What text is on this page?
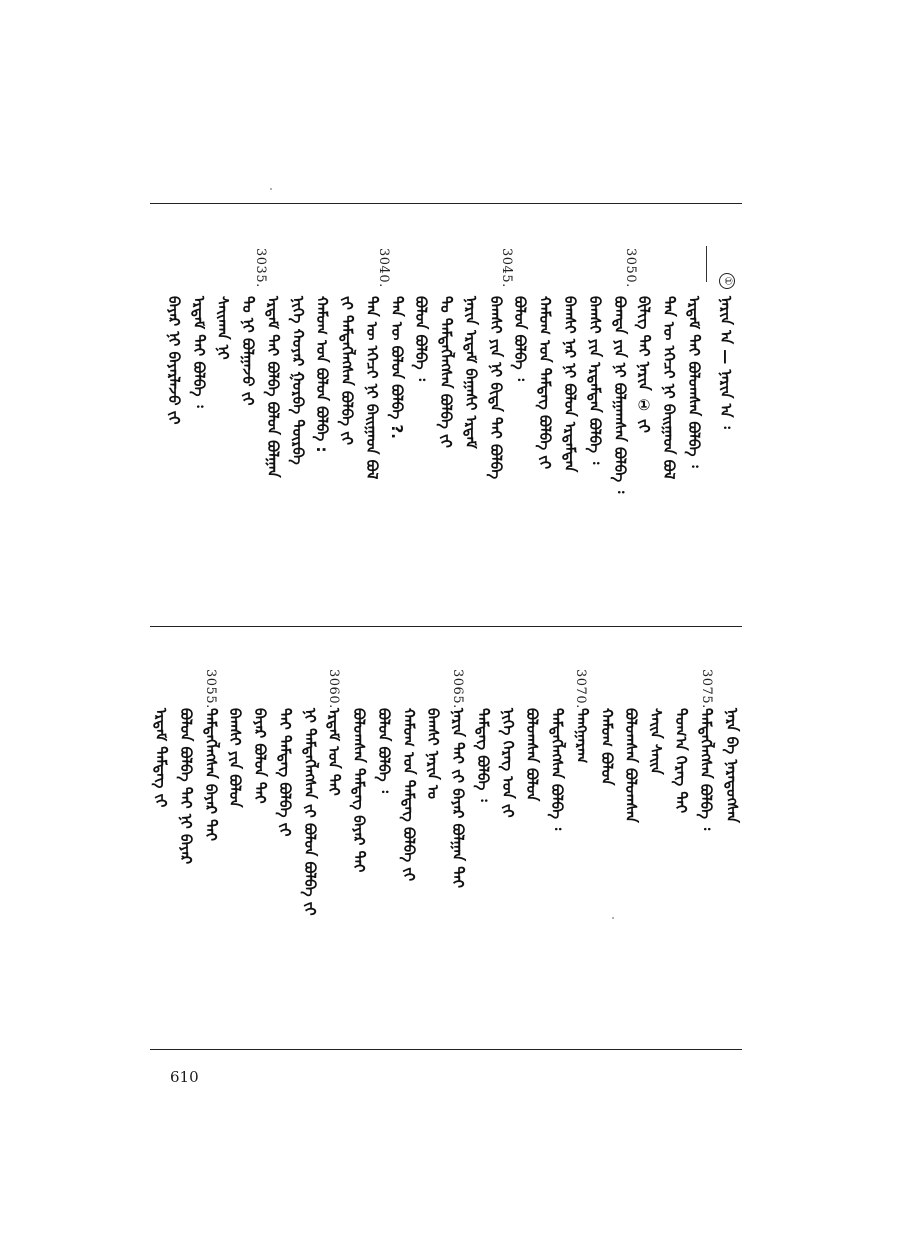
①
ᠨᠠᠷᠢᠨ ᠎ᠠ — ᠨᠠᠷᠢᠨ ᠎ᠠ ᠄
3050.
3045.
3040.
3035.
ᠡᠷᠳᠡᠮ ᠲᠡᠢ ᠪᠣᠯᠤᠭᠰᠠᠨ ᠪᠣᠯᠪᠠ ᠄
ᠲᠡᠨ ᠦ ᠡᠭᠡᠴᠢ ᠨᠢ ᠪᠠᠢᠭᠠᠳ ᠪᠣᠯ
ᠪᠢᠯᠢᠭ ᠲᠡᠢ ᠨᠠᠷᠢᠨ ① ᠵᠢ
ᠪᠣᠭᠳᠠ ᠶᠢᠨ ᠨᠢ ᠪᠣᠯᠭᠠᠭᠰᠠᠨ ᠪᠣᠯᠪᠠ ᠄
ᠪᠠᠭᠰᠢ ᠶᠢᠨ ᠡᠷᠳᠡᠮᠲᠡᠨ ᠪᠣᠯᠪᠠ ᠄
ᠪᠠᠭᠰᠢ ᠨᠠᠷ ᠨᠢ ᠪᠣᠯᠤᠨ ᠡᠷᠳᠡᠮᠲᠡᠨ
ᠬᠠᠮᠤᠭ ᠤᠨ ᠲᠡᠮᠳᠡᠭ ᠪᠣᠯᠪᠠ ᠵᠢ
ᠪᠣᠯᠤᠨ ᠪᠣᠯᠪᠠ ᠄
ᠪᠠᠭᠰᠢ ᠶᠢᠨ ᠨᠢ ᠪᠢᠳᠡ ᠲᠡᠢ ᠪᠣᠯᠪᠠ
ᠨᠠᠷᠢᠨ ᠡᠷᠳᠡᠮ ᠪᠠᠭᠠᠰᠢ ᠡᠷᠳᠡᠮ
ᠲᠣ ᠲᠡᠮᠳᠡᠭᠯᠡᠭᠰᠡᠨ ᠪᠣᠯᠪᠠ ᠵᠢ
ᠪᠣᠯᠤᠨ ᠪᠣᠯᠪᠠ ᠄
ᠲᠡᠨ ᠦ ᠪᠣᠯᠤᠨ ᠪᠣᠯᠪᠠ ?.
ᠲᠡᠨ ᠦ ᠡᠭᠡᠴᠢ ᠨᠢ ᠪᠠᠢᠭᠠᠳ ᠪᠣᠯ
ᠵᠢ ᠲᠡᠮᠳᠡᠭᠯᠡᠭᠰᠡᠨ ᠪᠣᠯᠪᠠ ᠵᠢ
ᠬᠠᠮᠤᠭ ᠤᠨ ᠪᠣᠯᠤᠨ ᠪᠣᠯᠪᠠ :
ᠨᠢᠭᠡ ᠬᠣᠶᠠᠷ ᠭᠤᠷᠪᠠ ᠳᠥᠷᠪᠡ
ᠡᠷᠳᠡᠮ ᠲᠡᠢ ᠪᠣᠯᠪᠠ ᠪᠣᠯᠤᠨ ᠪᠣᠯᠭᠠᠨ
ᠲᠣ ᠨᠢ ᠪᠣᠯᠭᠠᠵᠤ ᠵᠢ
ᠰᠠᠢᠬᠠᠨ ᠨᠢ
ᠡᠷᠳᠡᠮ ᠲᠡᠢ ᠪᠣᠯᠪᠠ ᠄
ᠪᠠᠶᠠᠷ ᠨᠢ ᠪᠠᠶᠠᠷᠯᠠᠵᠤ ᠵᠢ
3075.
3070.
3065.
3060.
3055.
ᠨᠡᠷᠡ ᠪᠡ ᠨᠡᠷᠡᠳᠦᠭᠰᠡᠨ
ᠲᠡᠮᠳᠡᠭᠯᠡᠭᠰᠡᠨ ᠪᠣᠯᠪᠠ ᠄
ᠲᠣᠭ᠎ᠠ ᠬᠡᠷᠡᠭ ᠲᠡᠢ
ᠰᠠᠢᠨ ᠰᠠᠢᠨ
ᠪᠣᠯᠤᠭᠰᠠᠨ ᠪᠣᠯᠤᠭᠰᠠᠨ
ᠬᠠᠮᠤᠭ ᠪᠣᠯᠤᠨ
ᠲᠠᠩᠭᠠᠷᠠᠭ
ᠲᠡᠮᠳᠡᠭᠯᠡᠭᠰᠡᠨ ᠪᠣᠯᠪᠠ ᠄
ᠪᠣᠯᠤᠭᠰᠠᠨ ᠪᠣᠯᠤᠨ
ᠨᠢᠭᠡ ᠬᠡᠷᠡᠭ ᠤᠨ ᠵᠢ
ᠲᠡᠮᠳᠡᠭ ᠪᠣᠯᠪᠠ ᠄
ᠨᠠᠷᠢᠨ ᠲᠡᠢ ᠵᠢ ᠪᠠᠶᠠᠷ ᠪᠣᠯᠭᠠᠨ ᠲᠡᠢ
ᠪᠠᠭᠰᠢ ᠨᠠᠷᠢᠨ ᠤ
ᠬᠠᠮᠤᠭ ᠤᠨ ᠲᠡᠮᠳᠡᠭ ᠪᠣᠯᠪᠠ ᠵᠢ
ᠪᠣᠯᠤᠨ ᠪᠣᠯᠪᠠ ᠄
ᠪᠣᠯᠤᠭᠰᠠᠨ ᠲᠡᠮᠳᠡᠭ ᠪᠠᠶᠠᠷ ᠲᠡᠢ
ᠡᠷᠳᠡᠮ ᠤᠨ ᠲᠡᠢ
ᠨᠢ ᠲᠡᠮᠳᠡᠭᠯᠡᠭᠰᠡᠨ ᠵᠢ ᠪᠣᠯᠤᠨ ᠪᠣᠯᠪᠠ ᠵᠢ
ᠲᠡᠢ ᠲᠡᠮᠳᠡᠭ ᠪᠣᠯᠪᠠ ᠵᠢ
ᠪᠠᠶᠠᠷ ᠪᠣᠯᠤᠨ ᠲᠡᠢ
ᠪᠠᠭᠰᠢ ᠶᠢᠨ ᠪᠣᠯᠤᠨ
ᠲᠡᠮᠳᠡᠭᠯᠡᠭᠰᠡᠨ ᠪᠠᠶᠠᠷ ᠲᠡᠢ
ᠪᠣᠯᠤᠨ ᠪᠣᠯᠪᠠ ᠲᠡᠢ ᠨᠢ ᠪᠠᠶᠠᠷ
ᠡᠷᠳᠡᠮ ᠲᠡᠮᠳᠡᠭ ᠵᠢ
610
